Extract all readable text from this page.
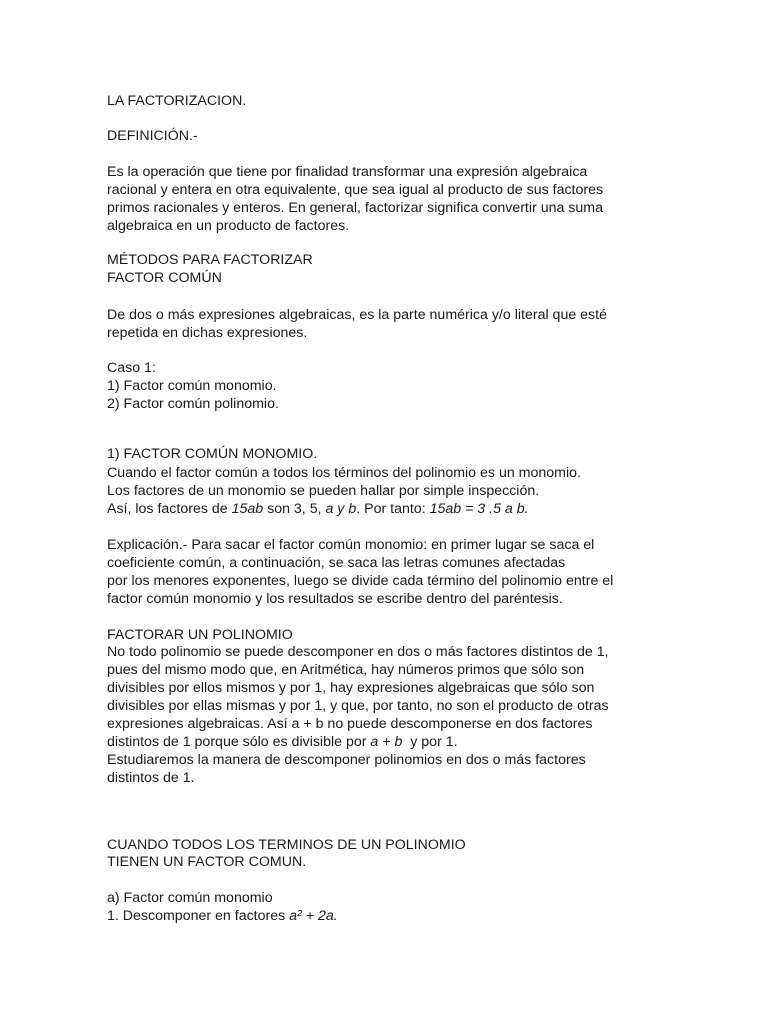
LA FACTORIZACION.
DEFINICIÓN.-
Es la operación que tiene por finalidad transformar una expresión algebraica
racional y entera en otra equivalente, que sea igual al producto de sus factores
primos racionales y enteros. En general, factorizar significa convertir una suma
algebraica en un producto de factores.
MÉTODOS PARA FACTORIZAR
FACTOR COMÚN
De dos o más expresiones algebraicas, es la parte numérica y/o literal que esté
repetida en dichas expresiones.
Caso 1:
1) Factor común monomio.
2) Factor común polinomio.
1) FACTOR COMÚN MONOMIO.
Cuando el factor común a todos los términos del polinomio es un monomio.
Los factores de un monomio se pueden hallar por simple inspección.
Así, los factores de 15ab son 3, 5, a y b. Por tanto: 15ab = 3 .5 a b.
Explicación.- Para sacar el factor común monomio: en primer lugar se saca el
coeficiente común, a continuación, se saca las letras comunes afectadas
por los menores exponentes, luego se divide cada término del polinomio entre el
factor común monomio y los resultados se escribe dentro del paréntesis.
FACTORAR UN POLINOMIO
No todo polinomio se puede descomponer en dos o más factores distintos de 1,
pues del mismo modo que, en Aritmética, hay números primos que sólo son
divisibles por ellos mismos y por 1, hay expresiones algebraicas que sólo son
divisibles por ellas mismas y por 1, y que, por tanto, no son el producto de otras
expresiones algebraicas. Así a + b no puede descomponerse en dos factores
distintos de 1 porque sólo es divisible por a + b  y por 1.
Estudiaremos la manera de descomponer polinomios en dos o más factores
distintos de 1.
CUANDO TODOS LOS TERMINOS DE UN POLINOMIO
TIENEN UN FACTOR COMUN.
a) Factor común monomio
1. Descomponer en factores a² + 2a.
